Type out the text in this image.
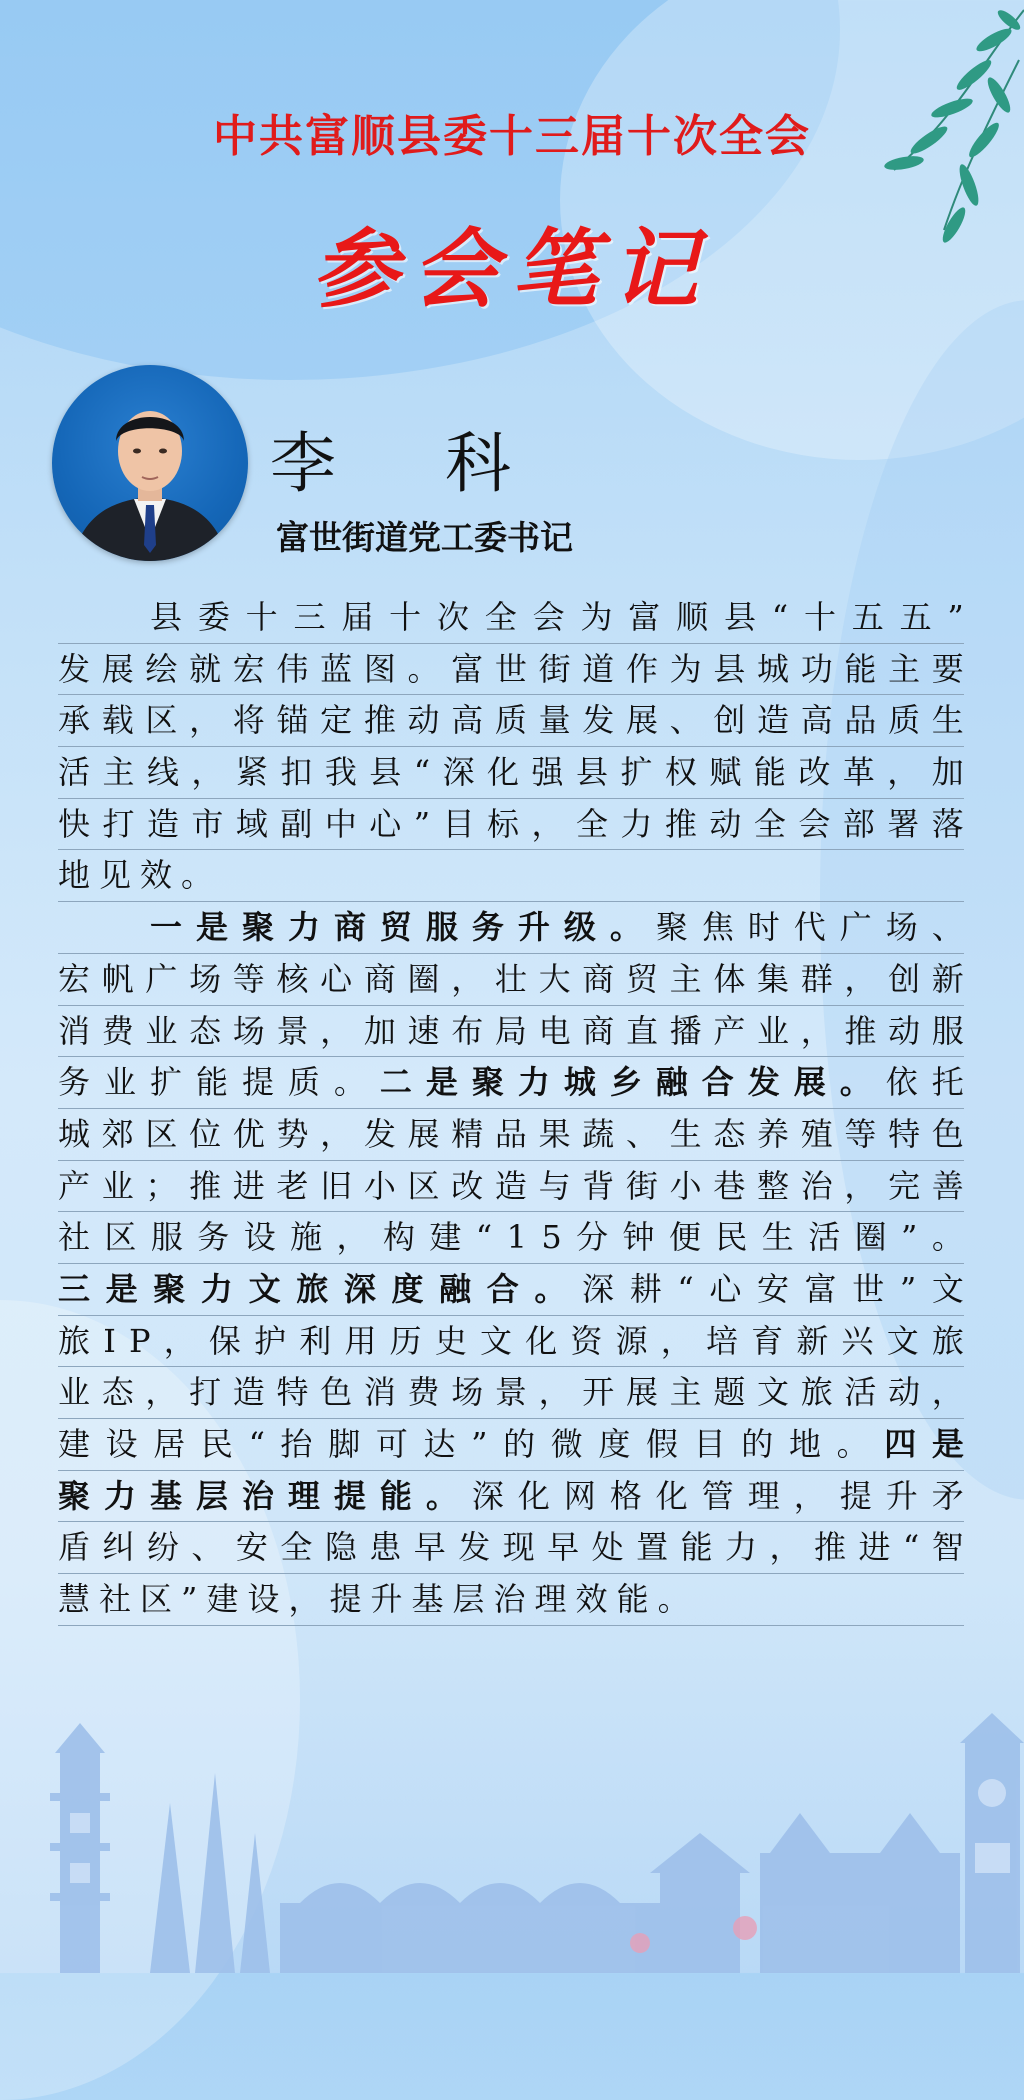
中共富顺县委十三届十次全会
参会笔记
李 科
富世街道党工委书记
县 委 十 三 届 十 次 全 会 为 富 顺 县 “ 十 五 五 ”
发 展 绘 就 宏 伟 蓝 图 。 富 世 街 道 作 为 县 城 功 能 主 要
承 载 区 ， 将 锚 定 推 动 高 质 量 发 展 、 创 造 高 品 质 生
活 主 线 ， 紧 扣 我 县 “ 深 化 强 县 扩 权 赋 能 改 革 ， 加
快 打 造 市 域 副 中 心 ” 目 标 ， 全 力 推 动 全 会 部 署 落
地 见 效 。
一 是 聚 力 商 贸 服 务 升 级 。 聚 焦 时 代 广 场 、
宏 帆 广 场 等 核 心 商 圈 ， 壮 大 商 贸 主 体 集 群 ， 创 新
消 费 业 态 场 景 ， 加 速 布 局 电 商 直 播 产 业 ， 推 动 服
务 业 扩 能 提 质 。 二 是 聚 力 城 乡 融 合 发 展 。 依 托
城 郊 区 位 优 势 ， 发 展 精 品 果 蔬 、 生 态 养 殖 等 特 色
产 业 ； 推 进 老 旧 小 区 改 造 与 背 街 小 巷 整 治 ， 完 善
社 区 服 务 设 施 ， 构 建 “ 1 5 分 钟 便 民 生 活 圈 ” 。
三 是 聚 力 文 旅 深 度 融 合 。 深 耕 “ 心 安 富 世 ” 文
旅 I P ， 保 护 利 用 历 史 文 化 资 源 ， 培 育 新 兴 文 旅
业 态 ， 打 造 特 色 消 费 场 景 ， 开 展 主 题 文 旅 活 动 ，
建 设 居 民 “ 抬 脚 可 达 ” 的 微 度 假 目 的 地 。 四 是
聚 力 基 层 治 理 提 能 。 深 化 网 格 化 管 理 ， 提 升 矛
盾 纠 纷 、 安 全 隐 患 早 发 现 早 处 置 能 力 ， 推 进 “ 智
慧 社 区 ” 建 设 ， 提 升 基 层 治 理 效 能 。
